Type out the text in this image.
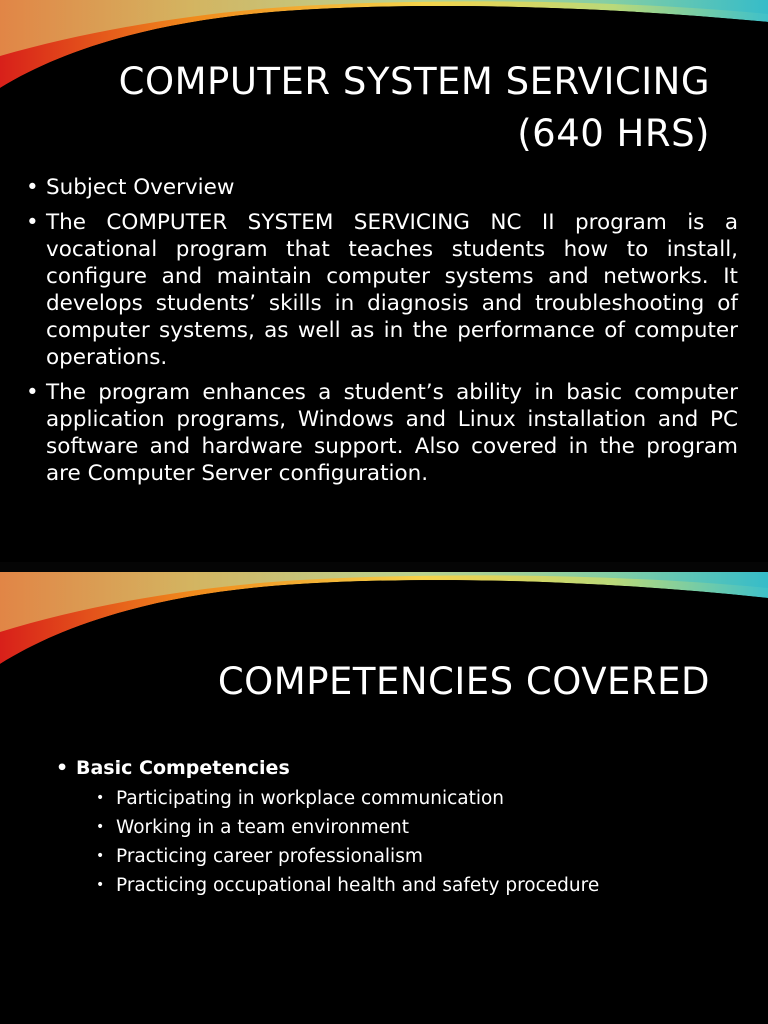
COMPUTER SYSTEM SERVICING
(640 HRS)
• Subject Overview
• The COMPUTER SYSTEM SERVICING NC II program is a vocational program that teaches students how to install, configure and maintain computer systems and networks. It develops students’ skills in diagnosis and troubleshooting of computer systems, as well as in the performance of computer operations.
• The program enhances a student’s ability in basic computer application programs, Windows and Linux installation and PC software and hardware support. Also covered in the program are Computer Server configuration.
COMPETENCIES COVERED
• Basic Competencies
• Participating in workplace communication
• Working in a team environment
• Practicing career professionalism
• Practicing occupational health and safety procedure
